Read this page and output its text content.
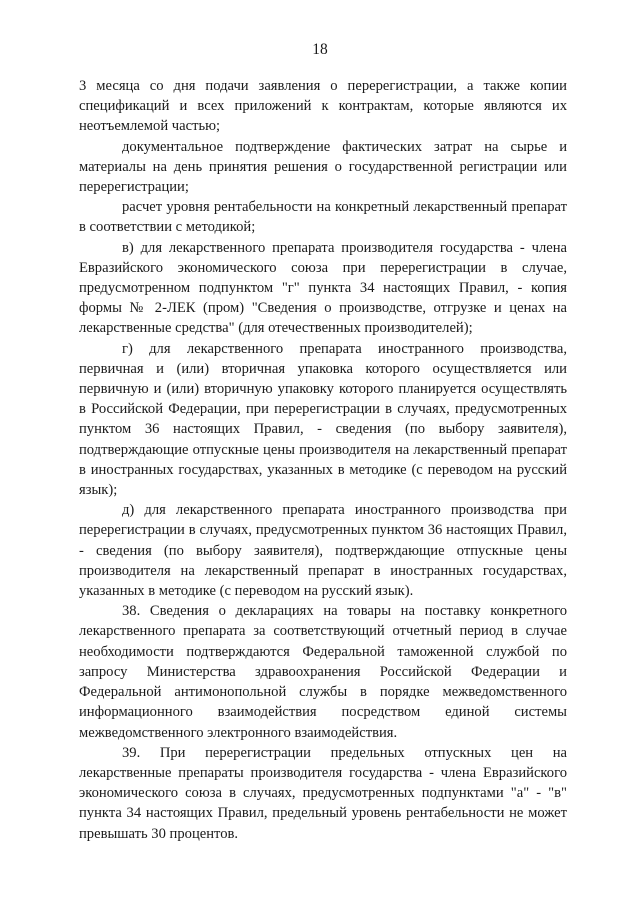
18

3 месяца со дня подачи заявления о перерегистрации, а также копии спецификаций и всех приложений к контрактам, которые являются их неотъемлемой частью;

документальное подтверждение фактических затрат на сырье и материалы на день принятия решения о государственной регистрации или перерегистрации;

расчет уровня рентабельности на конкретный лекарственный препарат в соответствии с методикой;

в) для лекарственного препарата производителя государства - члена Евразийского экономического союза при перерегистрации в случае, предусмотренном подпунктом "г" пункта 34 настоящих Правил, - копия формы № 2-ЛЕК (пром) "Сведения о производстве, отгрузке и ценах на лекарственные средства" (для отечественных производителей);

г) для лекарственного препарата иностранного производства, первичная и (или) вторичная упаковка которого осуществляется или первичную и (или) вторичную упаковку которого планируется осуществлять в Российской Федерации, при перерегистрации в случаях, предусмотренных пунктом 36 настоящих Правил, - сведения (по выбору заявителя), подтверждающие отпускные цены производителя на лекарственный препарат в иностранных государствах, указанных в методике (с переводом на русский язык);

д) для лекарственного препарата иностранного производства при перерегистрации в случаях, предусмотренных пунктом 36 настоящих Правил, - сведения (по выбору заявителя), подтверждающие отпускные цены производителя на лекарственный препарат в иностранных государствах, указанных в методике (с переводом на русский язык).

38. Сведения о декларациях на товары на поставку конкретного лекарственного препарата за соответствующий отчетный период в случае необходимости подтверждаются Федеральной таможенной службой по запросу Министерства здравоохранения Российской Федерации и Федеральной антимонопольной службы в порядке межведомственного информационного взаимодействия посредством единой системы межведомственного электронного взаимодействия.

39. При перерегистрации предельных отпускных цен на лекарственные препараты производителя государства - члена Евразийского экономического союза в случаях, предусмотренных подпунктами "а" - "в" пункта 34 настоящих Правил, предельный уровень рентабельности не может превышать 30 процентов.
